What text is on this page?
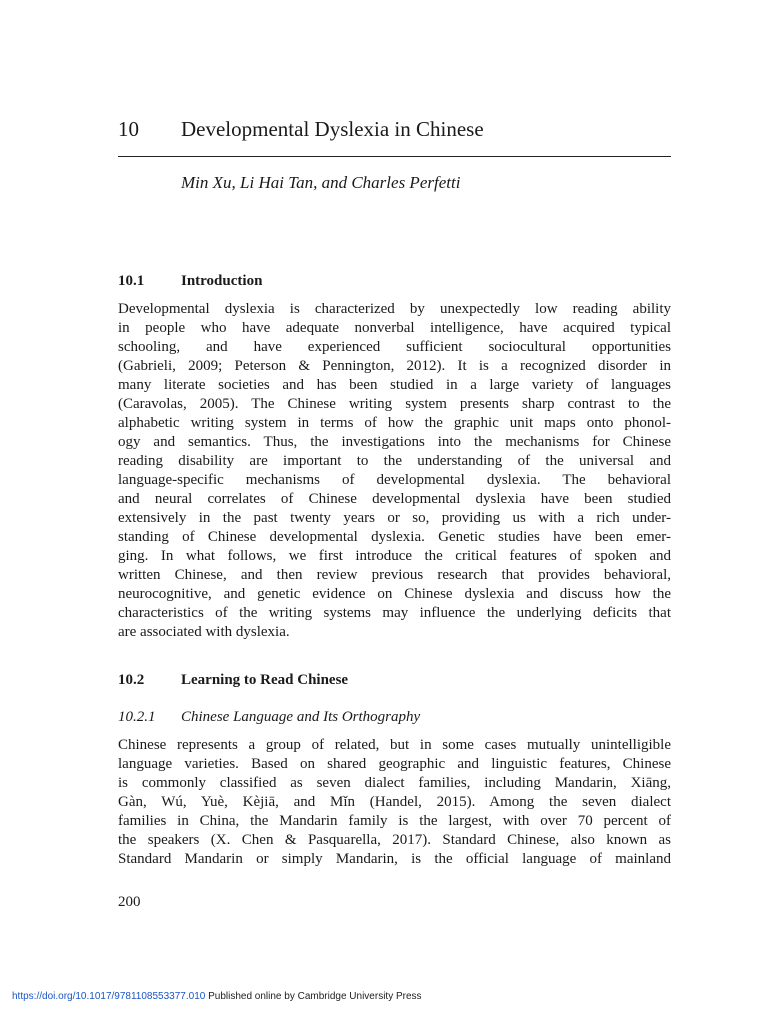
10 Developmental Dyslexia in Chinese
Min Xu, Li Hai Tan, and Charles Perfetti
10.1 Introduction
Developmental dyslexia is characterized by unexpectedly low reading ability
in people who have adequate nonverbal intelligence, have acquired typical
schooling, and have experienced sufficient sociocultural opportunities
(Gabrieli, 2009; Peterson & Pennington, 2012). It is a recognized disorder in
many literate societies and has been studied in a large variety of languages
(Caravolas, 2005). The Chinese writing system presents sharp contrast to the
alphabetic writing system in terms of how the graphic unit maps onto phonol-
ogy and semantics. Thus, the investigations into the mechanisms for Chinese
reading disability are important to the understanding of the universal and
language-specific mechanisms of developmental dyslexia. The behavioral
and neural correlates of Chinese developmental dyslexia have been studied
extensively in the past twenty years or so, providing us with a rich under-
standing of Chinese developmental dyslexia. Genetic studies have been emer-
ging. In what follows, we first introduce the critical features of spoken and
written Chinese, and then review previous research that provides behavioral,
neurocognitive, and genetic evidence on Chinese dyslexia and discuss how the
characteristics of the writing systems may influence the underlying deficits that
are associated with dyslexia.
10.2 Learning to Read Chinese
10.2.1 Chinese Language and Its Orthography
Chinese represents a group of related, but in some cases mutually unintelligible
language varieties. Based on shared geographic and linguistic features, Chinese
is commonly classified as seven dialect families, including Mandarin, Xiāng,
Gàn, Wú, Yuè, Kèjiā, and Mǐn (Handel, 2015). Among the seven dialect
families in China, the Mandarin family is the largest, with over 70 percent of
the speakers (X. Chen & Pasquarella, 2017). Standard Chinese, also known as
Standard Mandarin or simply Mandarin, is the official language of mainland
200
https://doi.org/10.1017/9781108553377.010 Published online by Cambridge University Press
